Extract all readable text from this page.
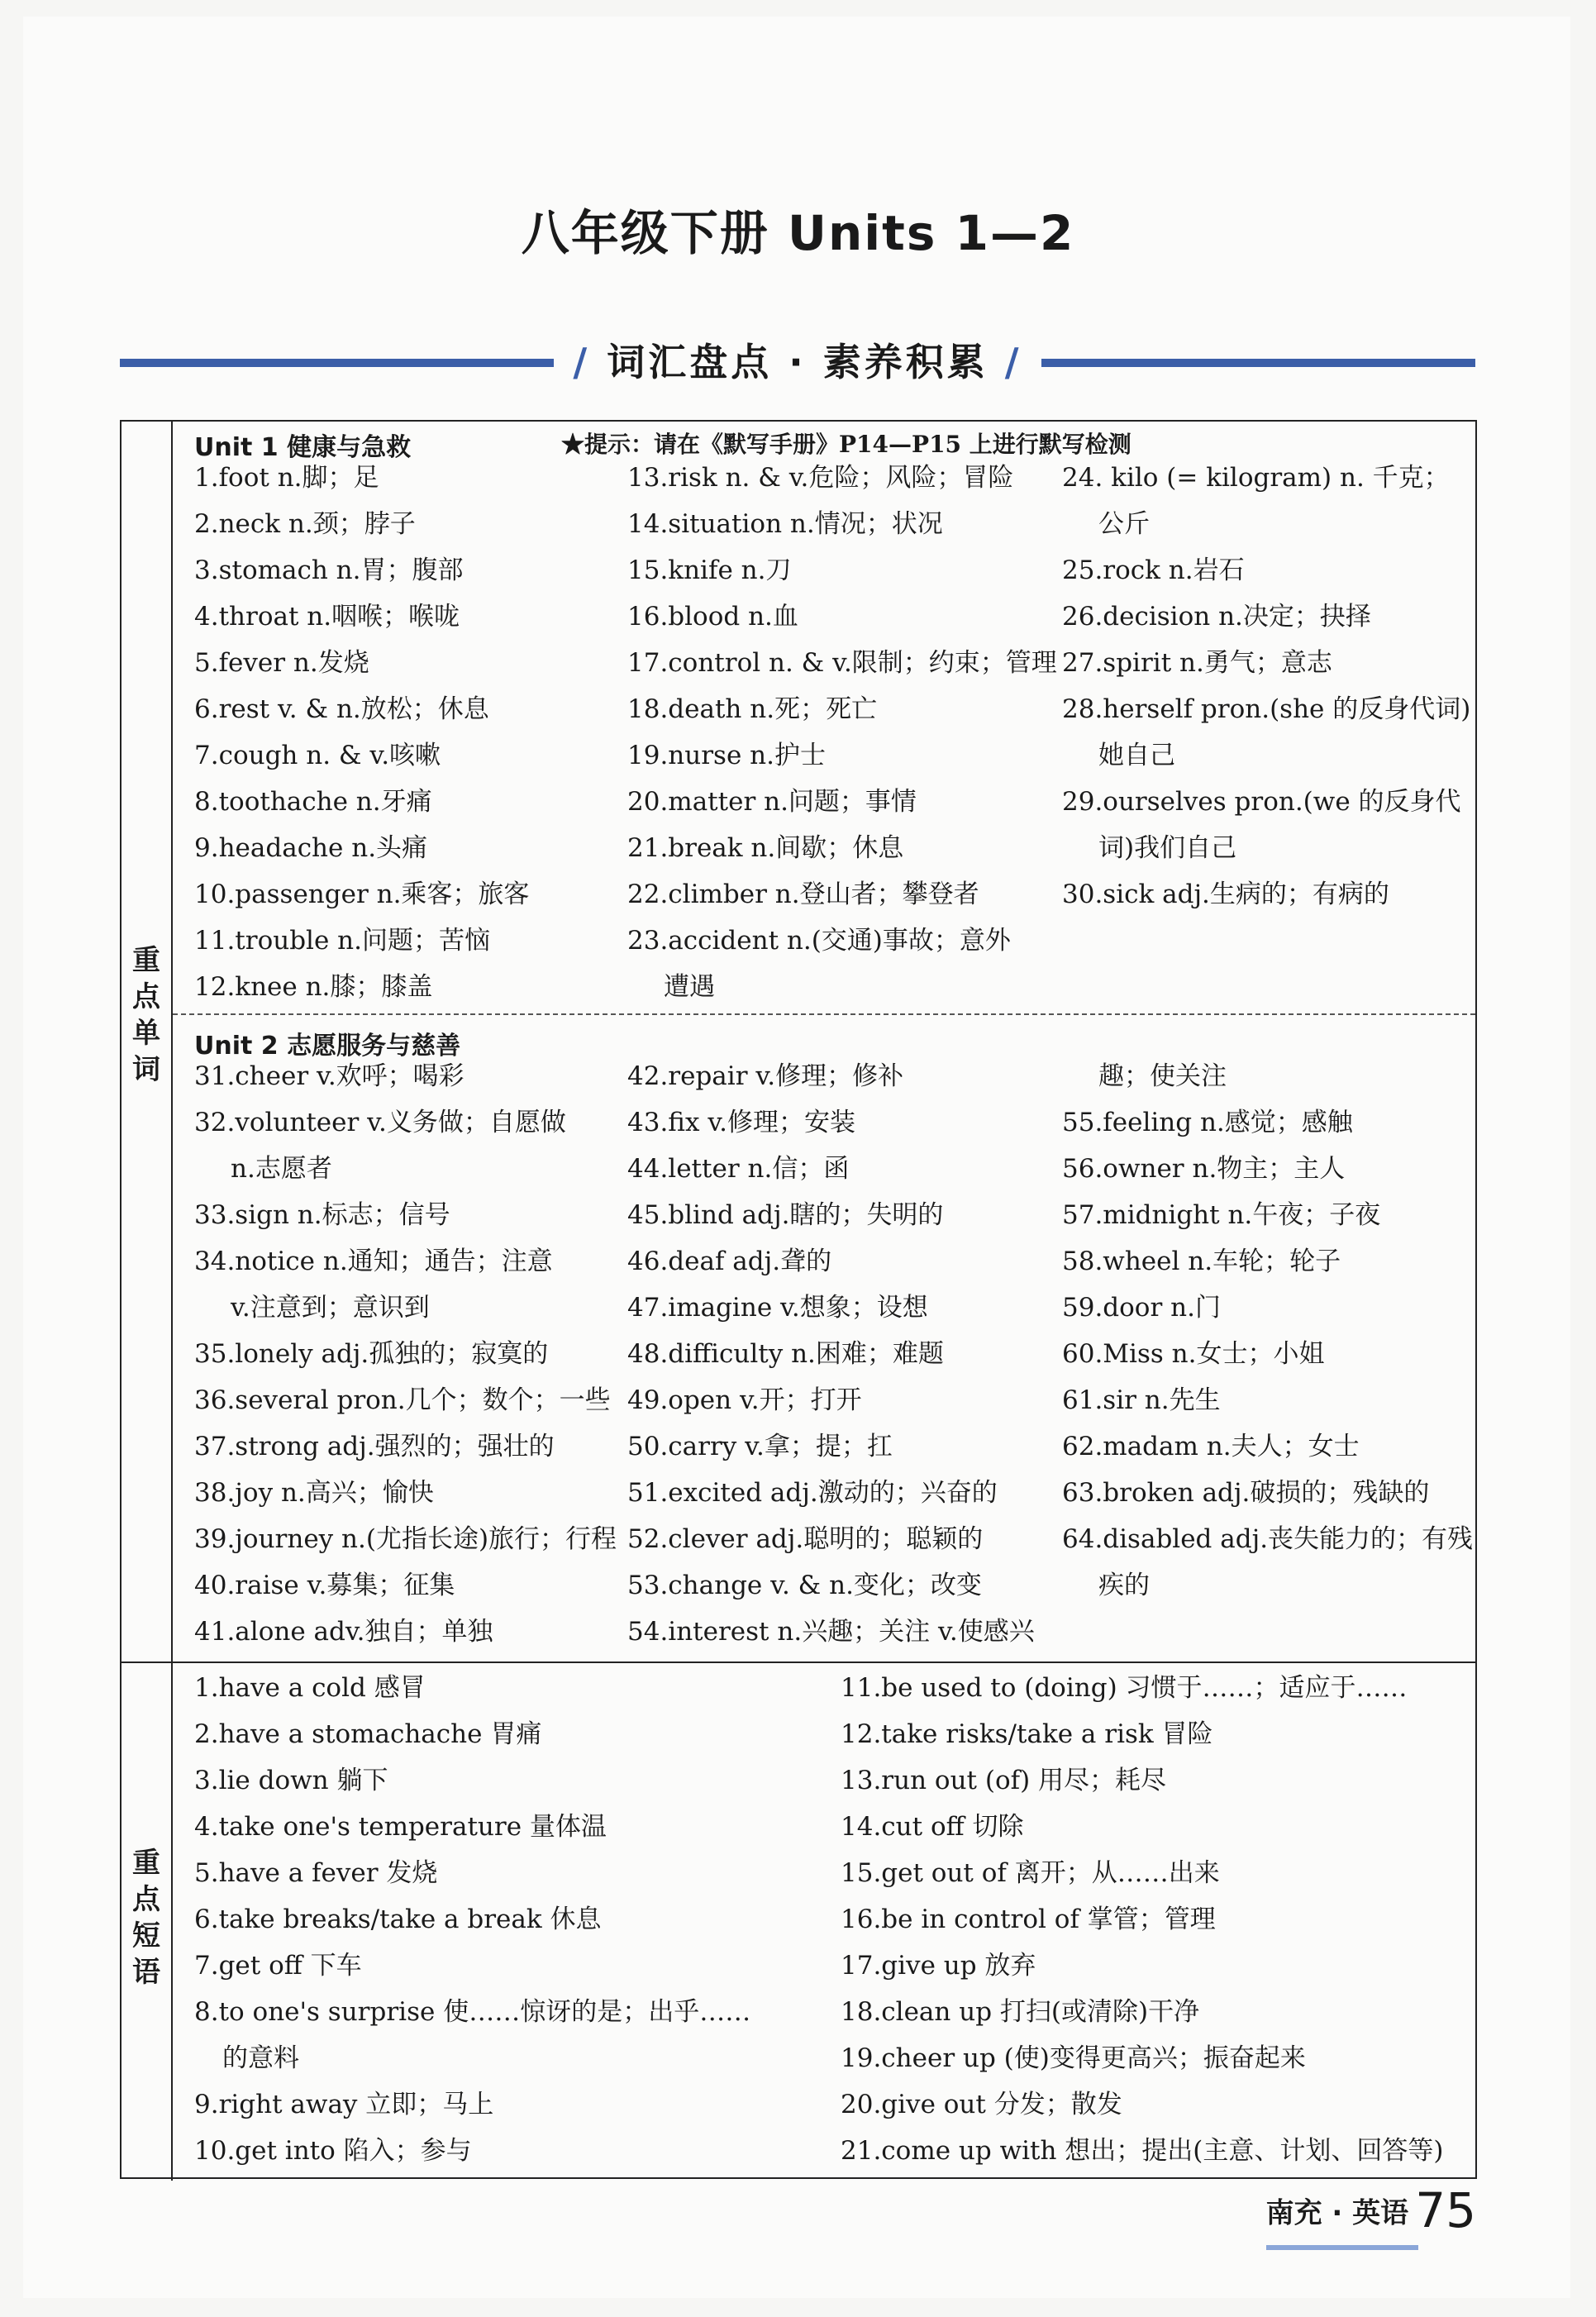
八年级下册 Units 1—2
/ 词汇盘点 · 素养积累 /
重
点
单
词
Unit 1 健康与急救	★提示：请在《默写手册》P14—P15 上进行默写检测
1.foot n.脚；足
2.neck n.颈；脖子
3.stomach n.胃；腹部
4.throat n.咽喉；喉咙
5.fever n.发烧
6.rest v. & n.放松；休息
7.cough n. & v.咳嗽
8.toothache n.牙痛
9.headache n.头痛
10.passenger n.乘客；旅客
11.trouble n.问题；苦恼
12.knee n.膝；膝盖
13.risk n. & v.危险；风险；冒险
14.situation n.情况；状况
15.knife n.刀
16.blood n.血
17.control n. & v.限制；约束；管理
18.death n.死；死亡
19.nurse n.护士
20.matter n.问题；事情
21.break n.间歇；休息
22.climber n.登山者；攀登者
23.accident n.(交通)事故；意外
遭遇
24. kilo (= kilogram) n. 千克；
公斤
25.rock n.岩石
26.decision n.决定；抉择
27.spirit n.勇气；意志
28.herself pron.(she 的反身代词)
她自己
29.ourselves pron.(we 的反身代
词)我们自己
30.sick adj.生病的；有病的
Unit 2 志愿服务与慈善
31.cheer v.欢呼；喝彩
32.volunteer v.义务做；自愿做
n.志愿者
33.sign n.标志；信号
34.notice n.通知；通告；注意
v.注意到；意识到
35.lonely adj.孤独的；寂寞的
36.several pron.几个；数个；一些
37.strong adj.强烈的；强壮的
38.joy n.高兴；愉快
39.journey n.(尤指长途)旅行；行程
40.raise v.募集；征集
41.alone adv.独自；单独
42.repair v.修理；修补
43.fix v.修理；安装
44.letter n.信；函
45.blind adj.瞎的；失明的
46.deaf adj.聋的
47.imagine v.想象；设想
48.difficulty n.困难；难题
49.open v.开；打开
50.carry v.拿；提；扛
51.excited adj.激动的；兴奋的
52.clever adj.聪明的；聪颖的
53.change v. & n.变化；改变
54.interest n.兴趣；关注 v.使感兴
趣；使关注
55.feeling n.感觉；感触
56.owner n.物主；主人
57.midnight n.午夜；子夜
58.wheel n.车轮；轮子
59.door n.门
60.Miss n.女士；小姐
61.sir n.先生
62.madam n.夫人；女士
63.broken adj.破损的；残缺的
64.disabled adj.丧失能力的；有残
疾的
重
点
短
语
1.have a cold 感冒
2.have a stomachache 胃痛
3.lie down 躺下
4.take one's temperature 量体温
5.have a fever 发烧
6.take breaks/take a break 休息
7.get off 下车
8.to one's surprise 使……惊讶的是；出乎……
的意料
9.right away 立即；马上
10.get into 陷入；参与
11.be used to (doing) 习惯于……；适应于……
12.take risks/take a risk 冒险
13.run out (of) 用尽；耗尽
14.cut off 切除
15.get out of 离开；从……出来
16.be in control of 掌管；管理
17.give up 放弃
18.clean up 打扫(或清除)干净
19.cheer up (使)变得更高兴；振奋起来
20.give out 分发；散发
21.come up with 想出；提出(主意、计划、回答等)
南充 · 英语 75
